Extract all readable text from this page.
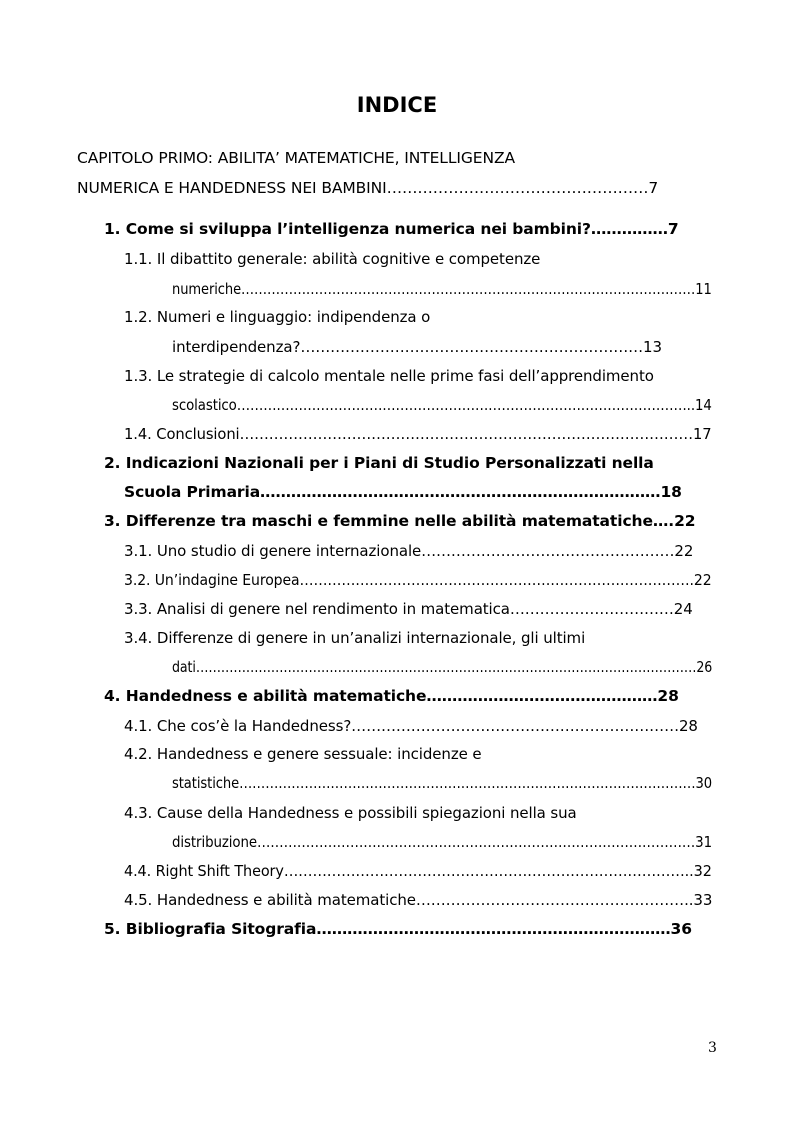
INDICE
CAPITOLO PRIMO: ABILITA’ MATEMATICHE, INTELLIGENZA
NUMERICA E HANDEDNESS NEI BAMBINI……………………………………………7
1. Come si sviluppa l’intelligenza numerica nei bambini?……………7
1.1. Il dibattito generale: abilità cognitive e competenze
numeriche……………………………………………………………………………………………11
1.2. Numeri e linguaggio: indipendenza o
interdipendenza?……………………………………………………………13
1.3. Le strategie di calcolo mentale nelle prime fasi dell’apprendimento
scolastico…………………………………………………………………………………………..14
1.4. Conclusioni…………………………………………………………………………………17
2. Indicazioni Nazionali per i Piani di Studio Personalizzati nella
Scuola Primaria……………………………………………………………………18
3. Differenze tra maschi e femmine nelle abilità matematatiche….22
3.1. Uno studio di genere internazionale……………………………………………22
3.2. Un’indagine Europea………………………………………………………………………….22
3.3. Analisi di genere nel rendimento in matematica……………………………24
3.4. Differenze di genere in un’analizi internazionale, gli ultimi
dati…………………………………………………………………………………………………………26
4. Handedness e abilità matematiche………………………………………28
4.1. Che cos’è la Handedness?…………………………………………………………28
4.2. Handedness e genere sessuale: incidenze e
statistiche……………………………………………………………………………………………30
4.3. Cause della Handedness e possibili spiegazioni nella sua
distribuzione………………………………………………………………………………………31
4.4. Right Shift Theory…………………………………………………………………………..32
4.5. Handedness e abilità matematiche………………………………………………..33
5. Bibliografia Sitografia……………………………………………………………36
3
